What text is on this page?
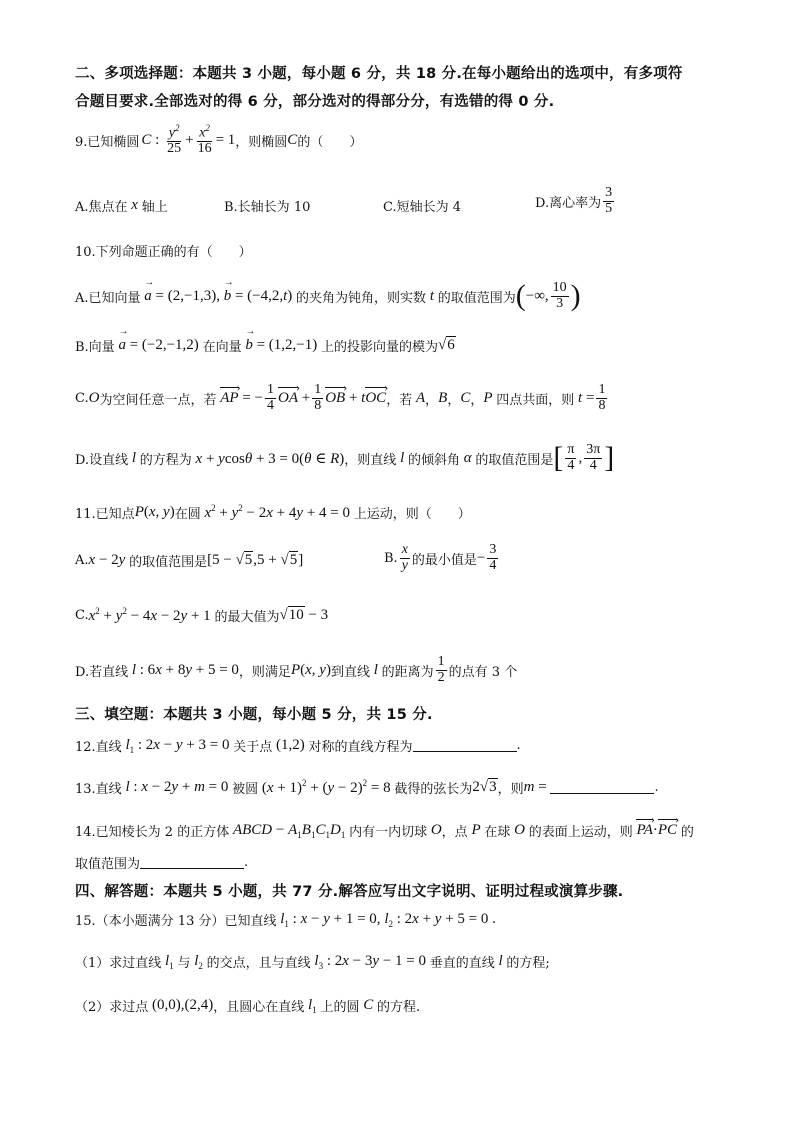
二、多项选择题：本题共 3 小题，每小题 6 分，共 18 分.在每小题给出的选项中，有多项符
合题目要求.全部选对的得 6 分，部分选对的得部分分，有选错的得 0 分.
9.已知椭圆 C : $\frac{y^2}{25} + \frac{x^2}{16} = 1$ ，则椭圆 C 的（　　）
A.焦点在 x 轴上	B.长轴长为 10	C.短轴长为 4	D.离心率为 $\frac{3}{5}$
10.下列命题正确的有（　　）
A.已知向量 → a = (2,−1,3), → b = (−4,2,t) 的夹角为钝角，则实数 t 的取值范围为 ( −∞, $\frac{10}{3}$ )
B.向量 → a = (−2,−1,2) 在向量 → b = (1,2,−1) 上的投影向量的模为 √6
C. O 为空间任意一点，若 AP › = − $\frac{1}{4}$ OA › + $\frac{1}{8}$ OB › + tOC › ，若 A ， B ， C ， P 四点共面，则 $t = \frac{1}{8}$
D.设直线 l 的方程为 x + ycosθ + 3 = 0(θ ∈ R) ，则直线 l 的倾斜角 α 的取值范围是 [ $\frac{\pi}{4}$ , $\frac{3\pi}{4}$ ]
11.已知点 P(x, y) 在圆 $x^2 + y^2 - 2x + 4y + 4 = 0$ 上运动，则（　　）
A. x − 2y 的取值范围是 [5 − √5,5 + √5]	B. $\frac{x}{y}$ 的最小值是 − $\frac{3}{4}$
C. $x^2 + y^2 - 4x - 2y + 1$ 的最大值为 √10 − 3
D.若直线 l : 6x + 8y + 5 = 0 ，则满足 P(x, y) 到直线 l 的距离为 $\frac{1}{2}$ 的点有 3 个
三、填空题：本题共 3 小题，每小题 5 分，共 15 分.
12.直线 $l_1$ : 2x − y + 3 = 0 关于点 (1,2) 对称的直线方程为	.
13.直线 l : x − 2y + m = 0 被圆 $(x + 1)^2 + (y - 2)^2 = 8$ 截得的弦长为 2√3 ，则 m =	.
14.已知棱长为 2 的正方体 ABCD − $A_1B_1C_1D_1$ 内有一内切球 O ，点 P 在球 O 的表面上运动，则 PA ›·PC › 的
取值范围为	.
四、解答题：本题共 5 小题，共 77 分.解答应写出文字说明、证明过程或演算步骤.
15.（本小题满分 13 分）已知直线 $l_1$ : x − y + 1 = 0, $l_2$ : 2x + y + 5 = 0 .
（1）求过直线 $l_1$ 与 $l_2$ 的交点，且与直线 $l_3$ : 2x − 3y − 1 = 0 垂直的直线 l 的方程;
（2）求过点 (0,0),(2,4) ，且圆心在直线 $l_1$ 上的圆 C 的方程.
